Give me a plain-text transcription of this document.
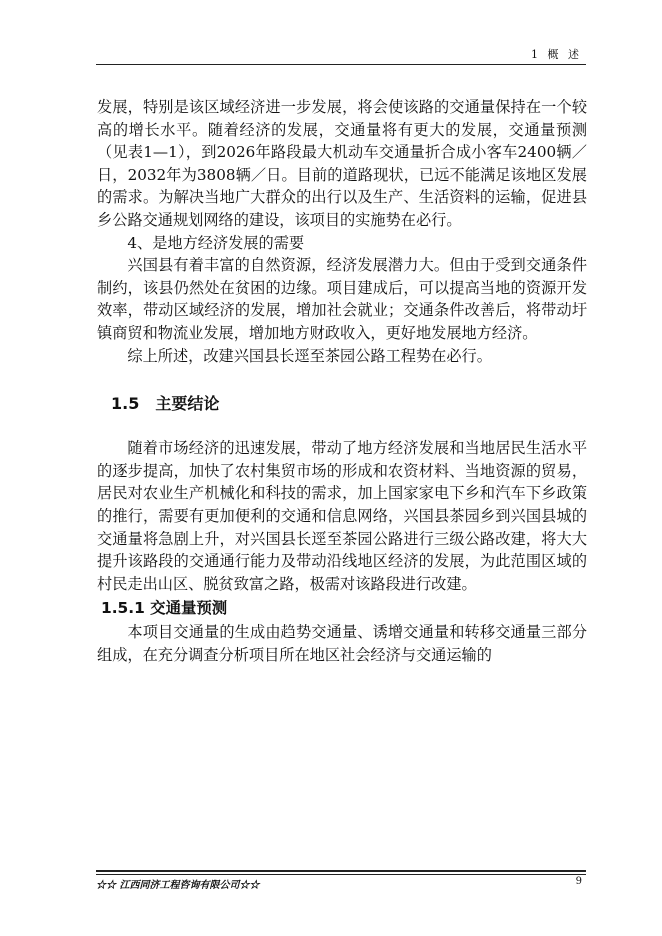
1 概 述

发展，特别是该区域经济进一步发展，将会使该路的交通量保持在一个较高的增长水平。随着经济的发展，交通量将有更大的发展，交通量预测（见表1—1），到2026年路段最大机动车交通量折合成小客车2400辆／日，2032年为3808辆／日。目前的道路现状，已远不能满足该地区发展的需求。为解决当地广大群众的出行以及生产、生活资料的运输，促进县乡公路交通规划网络的建设，该项目的实施势在必行。

4、是地方经济发展的需要

兴国县有着丰富的自然资源，经济发展潜力大。但由于受到交通条件制约，该县仍然处在贫困的边缘。项目建成后，可以提高当地的资源开发效率，带动区域经济的发展，增加社会就业；交通条件改善后，将带动圩镇商贸和物流业发展，增加地方财政收入，更好地发展地方经济。

综上所述，改建兴国县长逕至茶园公路工程势在必行。

1.5　主要结论

随着市场经济的迅速发展，带动了地方经济发展和当地居民生活水平的逐步提高，加快了农村集贸市场的形成和农资材料、当地资源的贸易，居民对农业生产机械化和科技的需求，加上国家家电下乡和汽车下乡政策的推行，需要有更加便利的交通和信息网络，兴国县茶园乡到兴国县城的交通量将急剧上升，对兴国县长逕至茶园公路进行三级公路改建，将大大提升该路段的交通通行能力及带动沿线地区经济的发展，为此范围区域的村民走出山区、脱贫致富之路，极需对该路段进行改建。

1.5.1 交通量预测

本项目交通量的生成由趋势交通量、诱增交通量和转移交通量三部分组成，在充分调查分析项目所在地区社会经济与交通运输的

☆☆ 江西同济工程咨询有限公司☆☆	9
